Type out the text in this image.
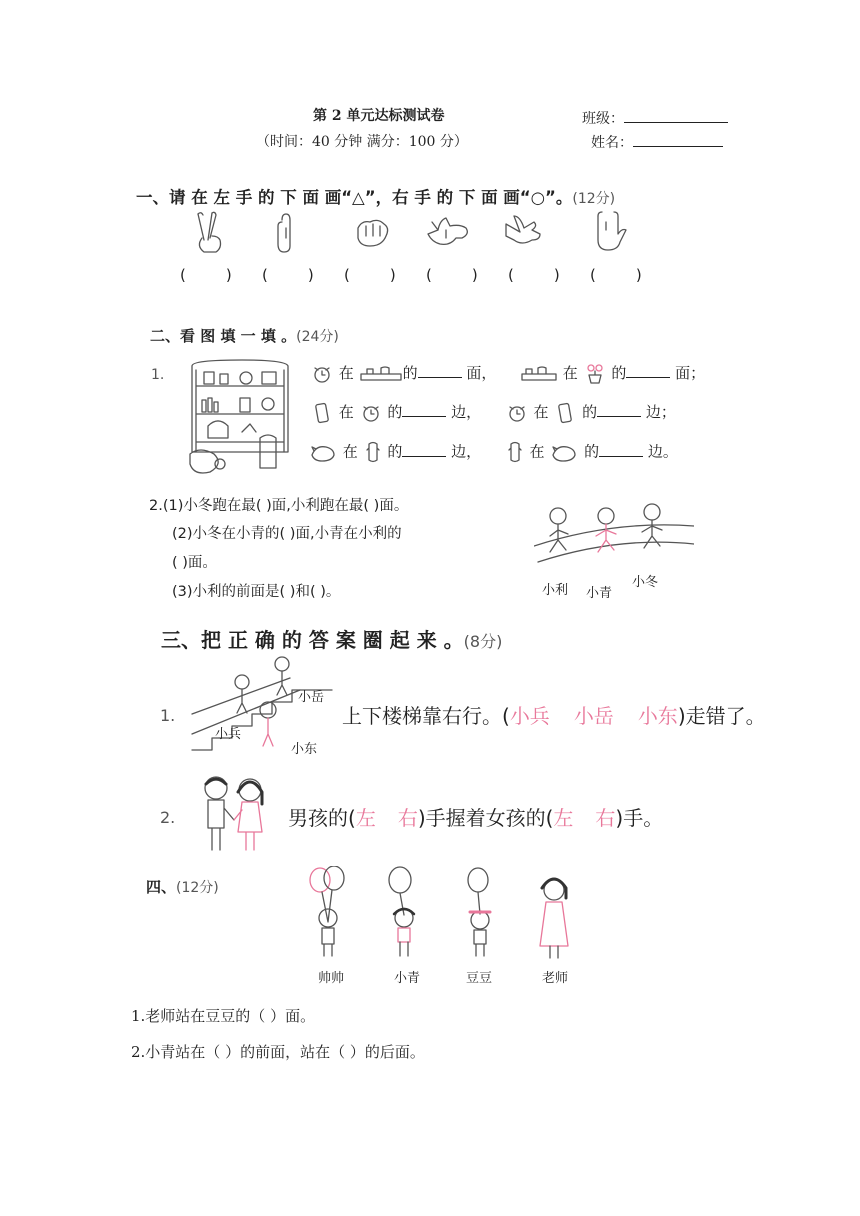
第 2 单元达标测试卷
（时间：40 分钟 满分：100 分）
班级：
姓名：
一、请 在 左 手 的 下 面 画“△”，右 手 的 下 面 画“○”。(12分)
(	) (	) (	) (	) (	) (	)
二、看 图 填 一 填 。(24分)
1.	在	的	面，	在 的	面；
在 的	边，	在 的	边；
在 的	边，	在	的	边。
2.(1)小冬跑在最( )面,小利跑在最( )面。
(2)小冬在小青的( )面,小青在小利的
( )面。
(3)小利的前面是( )和( )。	小利 小青
小冬
三、把 正 确 的 答 案 圈 起 来 。(8分)
1.
小岳
小兵
小东
上下楼梯靠右行。(小兵 小岳 小东)走错了。
2.	男孩的(左 右)手握着女孩的(左 右)手。
四、(12分)
帅帅	小青	豆豆	老师
1.老师站在豆豆的（ ）面。
2.小青站在（ ）的前面，站在（ ）的后面。
